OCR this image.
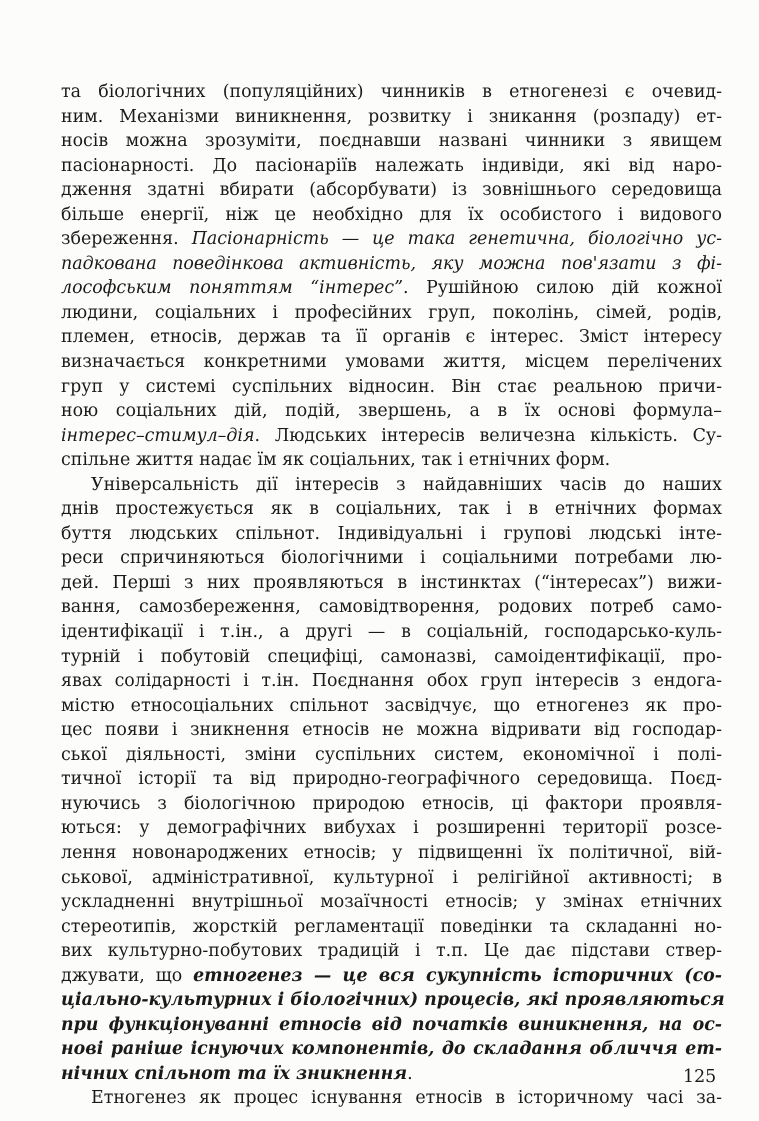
та біологічних (популяційних) чинників в етногенезі є очевид-
ним. Механізми виникнення, розвитку і зникання (розпаду) ет-
носів можна зрозуміти, поєднавши названі чинники з явищем
пасіонарності. До пасіонаріїв належать індивіди, які від наро-
дження здатні вбирати (абсорбувати) із зовнішнього середовища
більше енергії, ніж це необхідно для їх особистого і видового
збереження. Пасіонарність — це така генетична, біологічно ус-
падкована поведінкова активність, яку можна пов'язати з фі-
лософським поняттям “інтерес”. Рушійною силою дій кожної
людини, соціальних і професійних груп, поколінь, сімей, родів,
племен, етносів, держав та її органів є інтерес. Зміст інтересу
визначається конкретними умовами життя, місцем перелічених
груп у системі суспільних відносин. Він стає реальною причи-
ною соціальних дій, подій, звершень, а в їх основі формула–
інтерес–стимул–дія. Людських інтересів величезна кількість. Су-
спільне життя надає їм як соціальних, так і етнічних форм.
Універсальність дії інтересів з найдавніших часів до наших
днів простежується як в соціальних, так і в етнічних формах
буття людських спільнот. Індивідуальні і групові людські інте-
реси спричиняються біологічними і соціальними потребами лю-
дей. Перші з них проявляються в інстинктах (“інтересах”) вижи-
вання, самозбереження, самовідтворення, родових потреб само-
ідентифікації і т.ін., а другі — в соціальній, господарсько-куль-
турній і побутовій специфіці, самоназві, самоідентифікації, про-
явах солідарності і т.ін. Поєднання обох груп інтересів з ендога-
містю етносоціальних спільнот засвідчує, що етногенез як про-
цес появи і зникнення етносів не можна відривати від господар-
ської діяльності, зміни суспільних систем, економічної і полі-
тичної історії та від природно-географічного середовища. Поєд-
нуючись з біологічною природою етносів, ці фактори проявля-
ються: у демографічних вибухах і розширенні території розсе-
лення новонароджених етносів; у підвищенні їх політичної, вій-
ськової, адміністративної, культурної і релігійної активності; в
ускладненні внутрішньої мозаїчності етносів; у змінах етнічних
стереотипів, жорсткій регламентації поведінки та складанні но-
вих культурно-побутових традицій і т.п. Це дає підстави ствер-
джувати, що етногенез — це вся сукупність історичних (со-
ціально-культурних і біологічних) процесів, які проявляються
при функціонуванні етносів від початків виникнення, на ос-
нові раніше існуючих компонентів, до складання обличчя ет-
нічних спільнот та їх зникнення.
Етногенез як процес існування етносів в історичному часі за-
125
